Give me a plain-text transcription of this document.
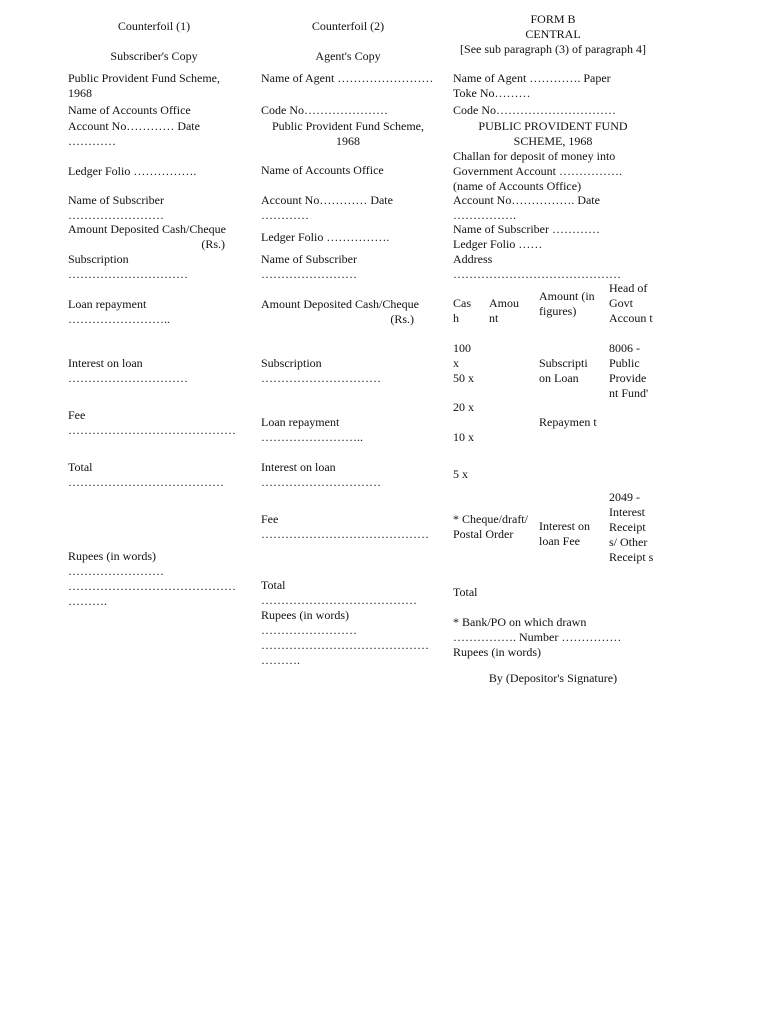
Counterfoil (1)
Subscriber's Copy
Public Provident Fund Scheme, 1968
Name of Accounts Office
Account No………… Date …………
Ledger Folio …………….
Name of Subscriber ……………………
Amount Deposited Cash/Cheque
(Rs.)
Subscription …………………………
Loan repayment ……………………..
Interest on loan …………………………
Fee ……………………………………
Total …………………………………
Rupees (in words)
……………………
……………………………………
……….
Counterfoil (2)
Agent's Copy
Name of Agent ……………………
Code No…………………
Public Provident Fund Scheme, 1968
Name of Accounts Office
Account No………… Date …………
Ledger Folio …………….
Name of Subscriber ……………………
Amount Deposited Cash/Cheque
(Rs.)
Subscription …………………………
Loan repayment ……………………..
Interest on loan …………………………
Fee ……………………………………
Total …………………………………
Rupees (in words)
……………………
……………………………………
……….
FORM B
CENTRAL
[See sub paragraph (3) of paragraph 4]
Name of Agent …………. Paper
Toke No………
Code No…………………………
PUBLIC PROVIDENT FUND SCHEME, 1968
Challan for deposit of money into Government Account ……………. (name of Accounts Office)
Account No……………. Date …………….
Name of Subscriber …………
Ledger Folio ……
Address ……………………………………
Cas h
Amou nt
Amount (in figures)
Head of Govt Accoun t
100 x
50 x
20 x
10 x
5 x
Subscripti on Loan
Repaymen t
8006 - Public Provide nt Fund'
* Cheque/draft/ Postal Order
Interest on loan Fee
2049 - Interest Receipt s/ Other Receipt s
Total
* Bank/PO on which drawn ……………. Number ……………
Rupees (in words)
By (Depositor's Signature)
